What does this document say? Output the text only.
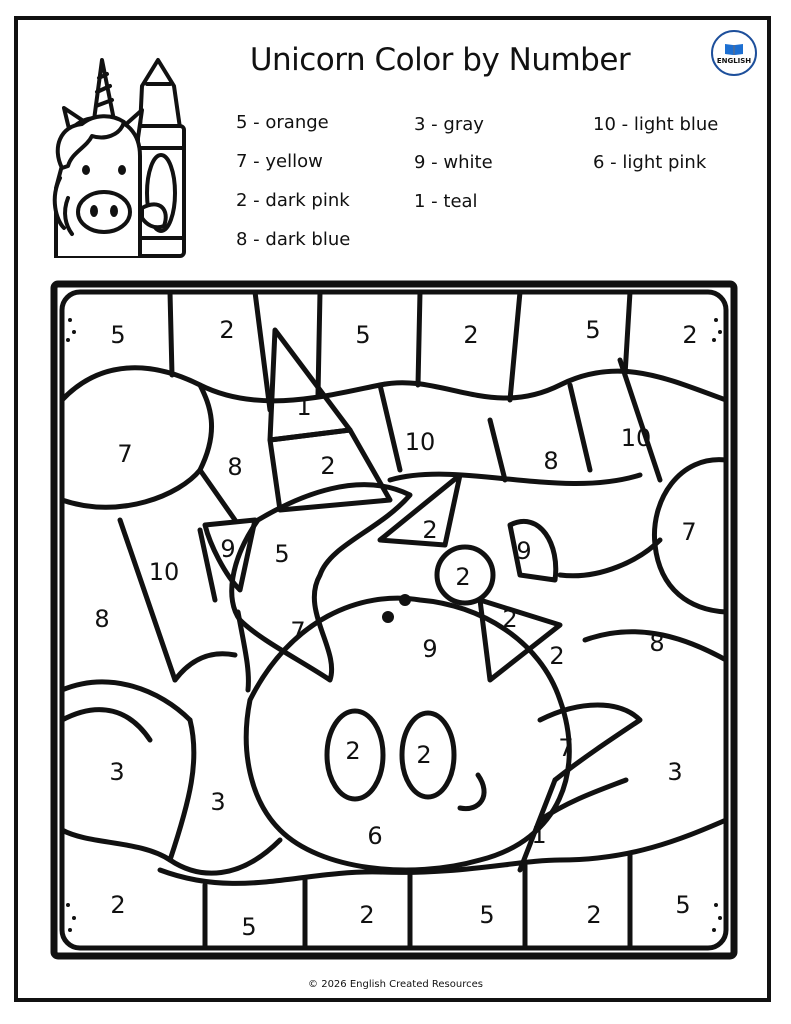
Unicorn Color by Number	ENGLISH
5 - orange
7 - yellow
2 - dark pink
8 - dark blue
3 - gray
9 - white
1 - teal
10 - light blue
6 - light pink
5	2	5	2	5	2
1
7	8	2
10
8
10
7
9 5
2
9
2
10
8	7
9
2
2	8
3
3
2 2	7
3
6	1
2
5	2	5	2	5
© 2026 English Created Resources
